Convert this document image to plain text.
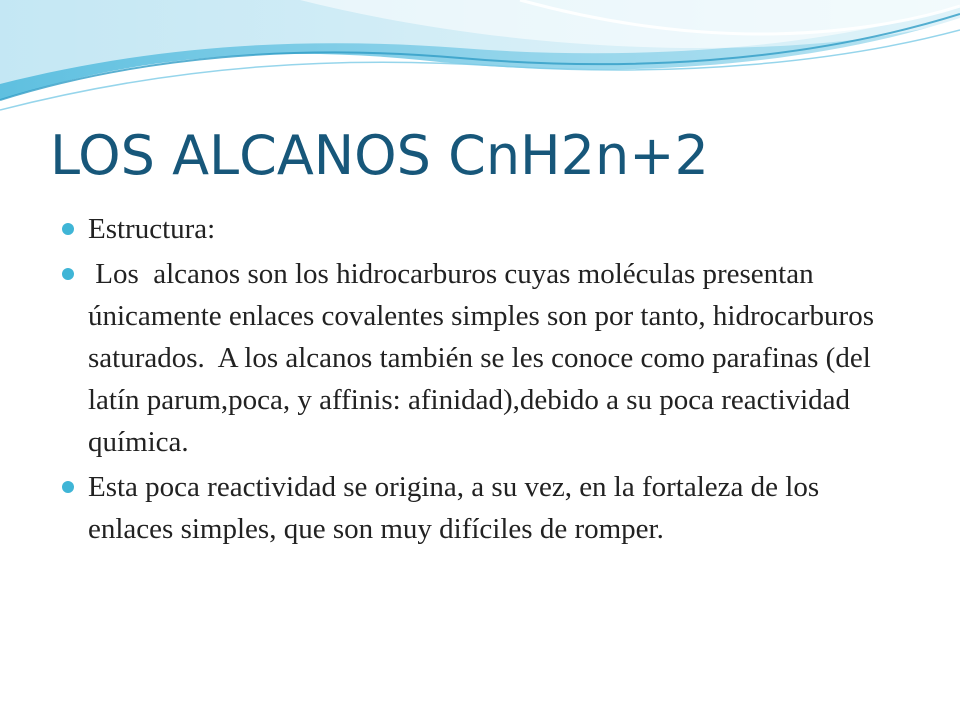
LOS ALCANOS CnH2n+2
Estructura:
Los  alcanos son los hidrocarburos cuyas moléculas presentan únicamente enlaces covalentes simples son por tanto, hidrocarburos saturados.  A los alcanos también se les conoce como parafinas (del latín parum,poca, y affinis: afinidad),debido a su poca reactividad química.
Esta poca reactividad se origina, a su vez, en la fortaleza de los enlaces simples, que son muy difíciles de romper.
